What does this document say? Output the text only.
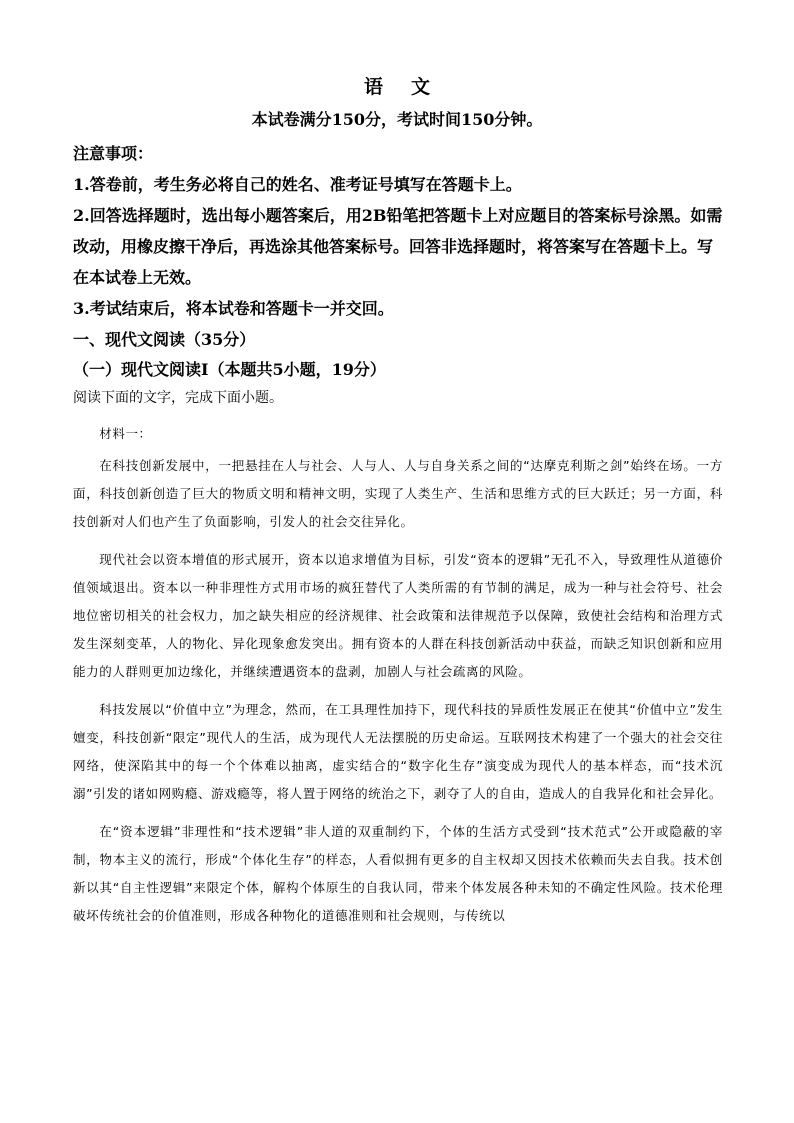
语 文
本试卷满分150分，考试时间150分钟。

注意事项：

1.答卷前，考生务必将自己的姓名、准考证号填写在答题卡上。

2.回答选择题时，选出每小题答案后，用2B铅笔把答题卡上对应题目的答案标号涂黑。如需改动，用橡皮擦干净后，再选涂其他答案标号。回答非选择题时，将答案写在答题卡上。写在本试卷上无效。

3.考试结束后，将本试卷和答题卡一并交回。

一、现代文阅读（35分）

（一）现代文阅读Ⅰ（本题共5小题，19分）

阅读下面的文字，完成下面小题。

材料一：

在科技创新发展中，一把悬挂在人与社会、人与人、人与自身关系之间的“达摩克利斯之剑”始终在场。一方面，科技创新创造了巨大的物质文明和精神文明，实现了人类生产、生活和思维方式的巨大跃迁；另一方面，科技创新对人们也产生了负面影响，引发人的社会交往异化。

现代社会以资本增值的形式展开，资本以追求增值为目标，引发“资本的逻辑”无孔不入，导致理性从道德价值领域退出。资本以一种非理性方式用市场的疯狂替代了人类所需的有节制的满足，成为一种与社会符号、社会地位密切相关的社会权力，加之缺失相应的经济规律、社会政策和法律规范予以保障，致使社会结构和治理方式发生深刻变革，人的物化、异化现象愈发突出。拥有资本的人群在科技创新活动中获益，而缺乏知识创新和应用能力的人群则更加边缘化，并继续遭遇资本的盘剥，加剧人与社会疏离的风险。

科技发展以“价值中立”为理念，然而，在工具理性加持下，现代科技的异质性发展正在使其“价值中立”发生嬗变，科技创新“限定”现代人的生活，成为现代人无法摆脱的历史命运。互联网技术构建了一个强大的社会交往网络，使深陷其中的每一个个体难以抽离，虚实结合的“数字化生存”演变成为现代人的基本样态，而“技术沉溺”引发的诸如网购瘾、游戏瘾等，将人置于网络的统治之下，剥夺了人的自由，造成人的自我异化和社会异化。

在“资本逻辑”非理性和“技术逻辑”非人道的双重制约下，个体的生活方式受到“技术范式”公开或隐蔽的宰制，物本主义的流行，形成“个体化生存”的样态，人看似拥有更多的自主权却又因技术依赖而失去自我。技术创新以其“自主性逻辑”来限定个体，解构个体原生的自我认同，带来个体发展各种未知的不确定性风险。技术伦理破坏传统社会的价值准则，形成各种物化的道德准则和社会规则，与传统以
